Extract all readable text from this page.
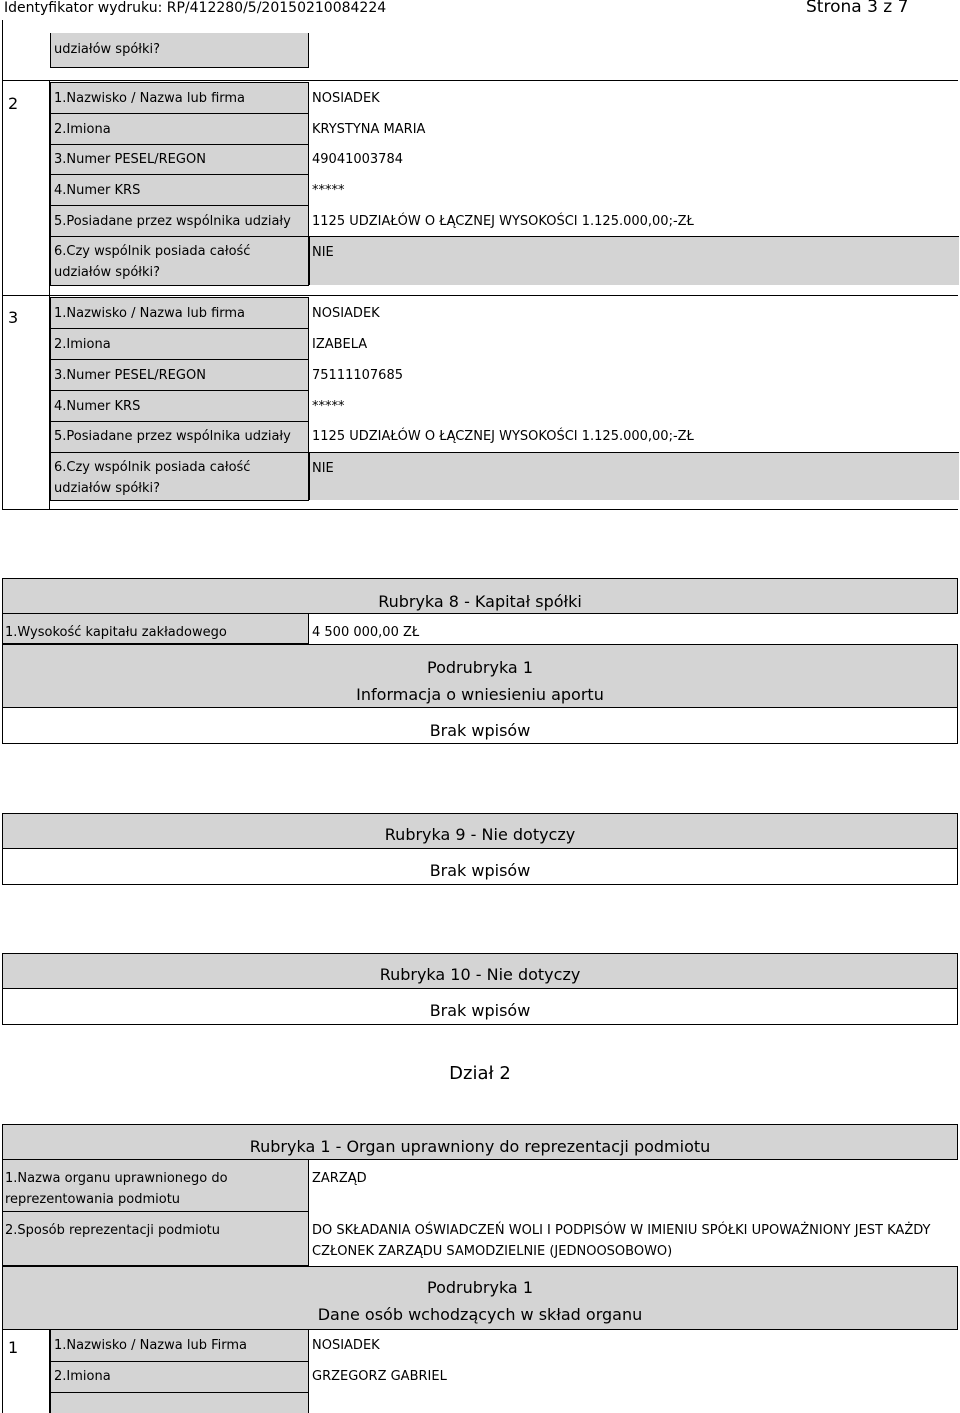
Identyfikator wydruku: RP/412280/5/20150210084224	Strona 3 z 7
udziałów spółki?
2	1.Nazwisko / Nazwa lub firma	NOSIADEK
2.Imiona	KRYSTYNA MARIA
3.Numer PESEL/REGON	49041003784
4.Numer KRS	*****
5.Posiadane przez wspólnika udziały 1125 UDZIAŁÓW O ŁĄCZNEJ WYSOKOŚCI 1.125.000,00;-ZŁ
6.Czy wspólnik posiada całość
udziałów spółki?
NIE
3	1.Nazwisko / Nazwa lub firma	NOSIADEK
2.Imiona	IZABELA
3.Numer PESEL/REGON	75111107685
4.Numer KRS	*****
5.Posiadane przez wspólnika udziały 1125 UDZIAŁÓW O ŁĄCZNEJ WYSOKOŚCI 1.125.000,00;-ZŁ
6.Czy wspólnik posiada całość
udziałów spółki?
NIE
Rubryka 8 - Kapitał spółki
1.Wysokość kapitału zakładowego	4 500 000,00 ZŁ
Podrubryka 1
Informacja o wniesieniu aportu
Brak wpisów
Rubryka 9 - Nie dotyczy
Brak wpisów
Rubryka 10 - Nie dotyczy
Brak wpisów
Dział 2
Rubryka 1 - Organ uprawniony do reprezentacji podmiotu
1.Nazwa organu uprawnionego do
reprezentowania podmiotu
ZARZĄD
2.Sposób reprezentacji podmiotu	DO SKŁADANIA OŚWIADCZEŃ WOLI I PODPISÓW W IMIENIU SPÓŁKI UPOWAŻNIONY JEST KAŻDY
CZŁONEK ZARZĄDU SAMODZIELNIE (JEDNOOSOBOWO)
Podrubryka 1
Dane osób wchodzących w skład organu
1	1.Nazwisko / Nazwa lub Firma	NOSIADEK
2.Imiona	GRZEGORZ GABRIEL
